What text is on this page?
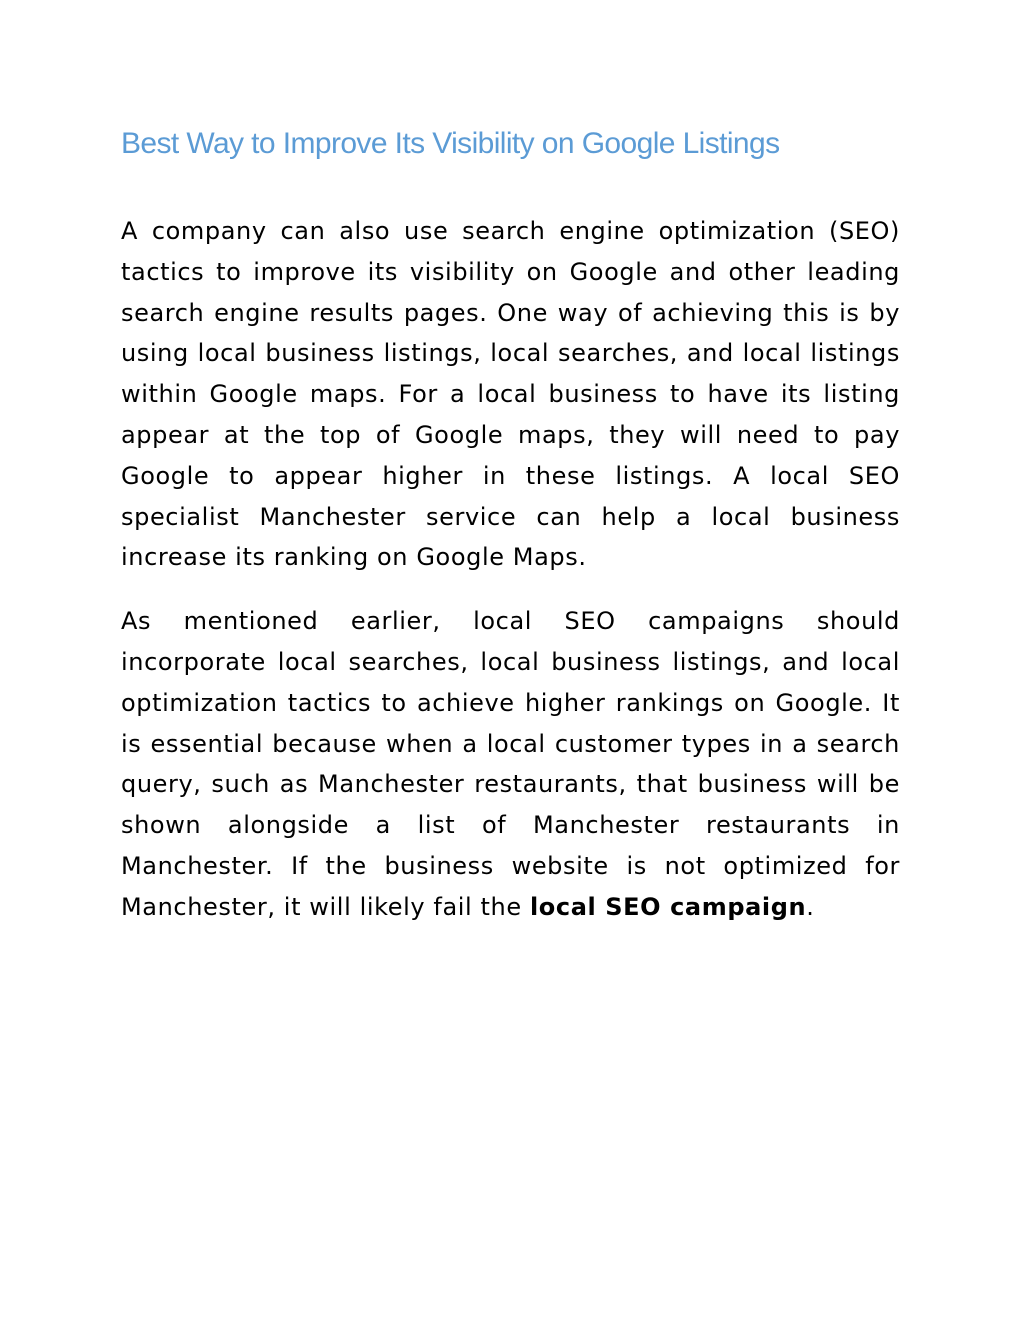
Best Way to Improve Its Visibility on Google Listings

A company can also use search engine optimization (SEO) tactics to improve its visibility on Google and other leading search engine results pages. One way of achieving this is by using local business listings, local searches, and local listings within Google maps. For a local business to have its listing appear at the top of Google maps, they will need to pay Google to appear higher in these listings. A local SEO specialist Manchester service can help a local business increase its ranking on Google Maps.

As mentioned earlier, local SEO campaigns should incorporate local searches, local business listings, and local optimization tactics to achieve higher rankings on Google. It is essential because when a local customer types in a search query, such as Manchester restaurants, that business will be shown alongside a list of Manchester restaurants in Manchester. If the business website is not optimized for Manchester, it will likely fail the local SEO campaign.
